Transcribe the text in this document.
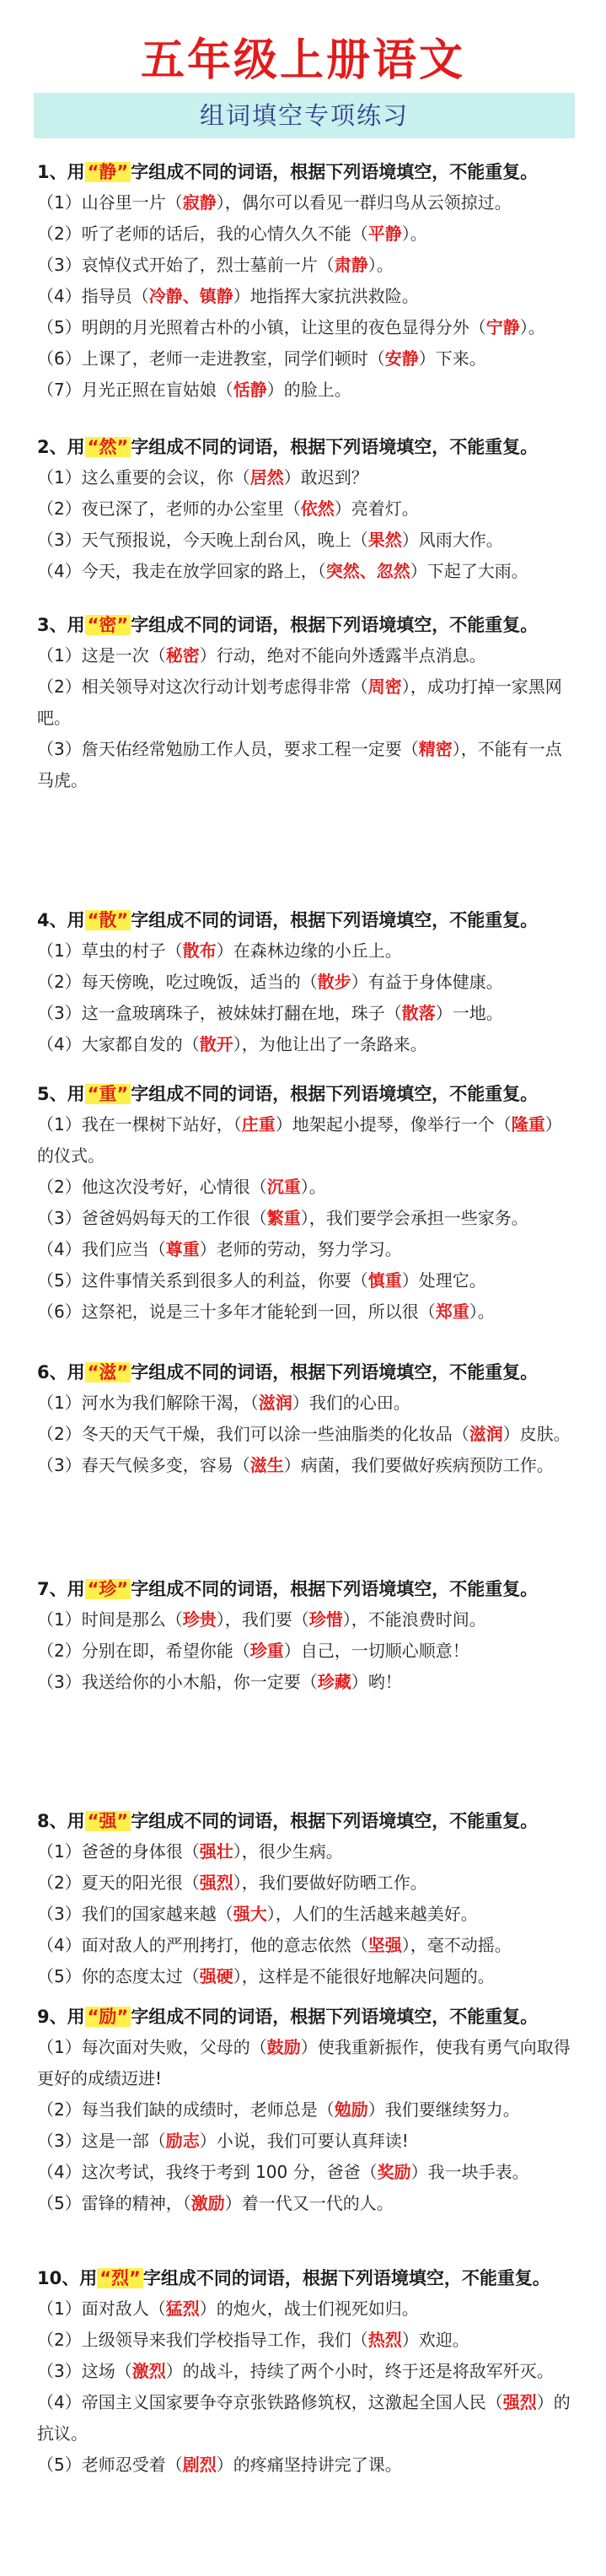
五年级上册语文
组词填空专项练习
1、用 “静” 字组成不同的词语，根据下列语境填空，不能重复。
（1）山谷里一片（寂静），偶尔可以看见一群归鸟从云领掠过。
（2）听了老师的话后，我的心情久久不能（平静）。
（3）哀悼仪式开始了，烈士墓前一片（肃静）。
（4）指导员（冷静、镇静）地指挥大家抗洪救险。
（5）明朗的月光照着古朴的小镇，让这里的夜色显得分外（宁静）。
（6）上课了，老师一走进教室，同学们顿时（安静）下来。
（7）月光正照在盲姑娘（恬静）的脸上。
2、用 “然” 字组成不同的词语，根据下列语境填空，不能重复。
（1）这么重要的会议，你（居然）敢迟到？
（2）夜已深了，老师的办公室里（依然）亮着灯。
（3）天气预报说，今天晚上刮台风，晚上（果然）风雨大作。
（4）今天，我走在放学回家的路上，（突然、忽然）下起了大雨。
3、用 “密” 字组成不同的词语，根据下列语境填空，不能重复。
（1）这是一次（秘密）行动，绝对不能向外透露半点消息。
（2）相关领导对这次行动计划考虑得非常（周密），成功打掉一家黑网吧。
（3）詹天佑经常勉励工作人员，要求工程一定要（精密），不能有一点马虎。
4、用 “散” 字组成不同的词语，根据下列语境填空，不能重复。
（1）草虫的村子（散布）在森林边缘的小丘上。
（2）每天傍晚，吃过晚饭，适当的（散步）有益于身体健康。
（3）这一盒玻璃珠子，被妹妹打翻在地，珠子（散落）一地。
（4）大家都自发的（散开），为他让出了一条路来。
5、用 “重” 字组成不同的词语，根据下列语境填空，不能重复。
（1）我在一棵树下站好，（庄重）地架起小提琴，像举行一个（隆重）的仪式。
（2）他这次没考好，心情很（沉重）。
（3）爸爸妈妈每天的工作很（繁重），我们要学会承担一些家务。
（4）我们应当（尊重）老师的劳动，努力学习。
（5）这件事情关系到很多人的利益，你要（慎重）处理它。
（6）这祭祀，说是三十多年才能轮到一回，所以很（郑重）。
6、用 “滋” 字组成不同的词语，根据下列语境填空，不能重复。
（1）河水为我们解除干渴，（滋润）我们的心田。
（2）冬天的天气干燥，我们可以涂一些油脂类的化妆品（滋润）皮肤。
（3）春天气候多变，容易（滋生）病菌，我们要做好疾病预防工作。
7、用 “珍” 字组成不同的词语，根据下列语境填空，不能重复。
（1）时间是那么（珍贵），我们要（珍惜），不能浪费时间。
（2）分别在即，希望你能（珍重）自己，一切顺心顺意！
（3）我送给你的小木船，你一定要（珍藏）哟！
8、用 “强” 字组成不同的词语，根据下列语境填空，不能重复。
（1）爸爸的身体很（强壮），很少生病。
（2）夏天的阳光很（强烈），我们要做好防晒工作。
（3）我们的国家越来越（强大），人们的生活越来越美好。
（4）面对敌人的严刑拷打，他的意志依然（坚强），毫不动摇。
（5）你的态度太过（强硬），这样是不能很好地解决问题的。
9、用 “励” 字组成不同的词语，根据下列语境填空，不能重复。
（1）每次面对失败，父母的（鼓励）使我重新振作，使我有勇气向取得更好的成绩迈进!
（2）每当我们缺的成绩时，老师总是（勉励）我们要继续努力。
（3）这是一部（励志）小说，我们可要认真拜读!
（4）这次考试，我终于考到 100 分，爸爸（奖励）我一块手表。
（5）雷锋的精神，（激励）着一代又一代的人。
10、用 “烈” 字组成不同的词语，根据下列语境填空，不能重复。
（1）面对敌人（猛烈）的炮火，战士们视死如归。
（2）上级领导来我们学校指导工作，我们（热烈）欢迎。
（3）这场（激烈）的战斗，持续了两个小时，终于还是将敌军歼灭。
（4）帝国主义国家要争夺京张铁路修筑权，这激起全国人民（强烈）的抗议。
（5）老师忍受着（剧烈）的疼痛坚持讲完了课。
